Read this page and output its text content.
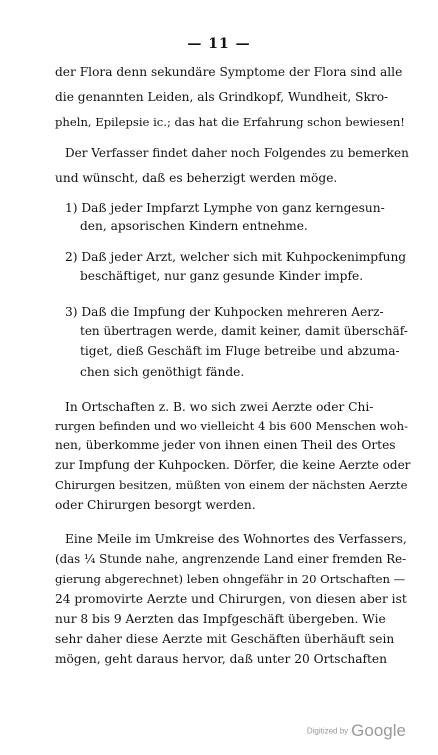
— 11 —
der Flora denn sekundäre Symptome der Flora sind alle
die genannten Leiden, als Grindkopf, Wundheit, Skro-
pheln, Epilepsie ic.; das hat die Erfahrung schon bewiesen!
Der Verfasser findet daher noch Folgendes zu bemerken
und wünscht, daß es beherzigt werden möge.
1) Daß jeder Impfarzt Lymphe von ganz kerngesun-
den, apsorischen Kindern entnehme.
2) Daß jeder Arzt, welcher sich mit Kuhpockenimpfung
beschäftiget, nur ganz gesunde Kinder impfe.
3) Daß die Impfung der Kuhpocken mehreren Aerz-
ten übertragen werde, damit keiner, damit überschäf-
tiget, dieß Geschäft im Fluge betreibe und abzuma-
chen sich genöthigt fände.
In Ortschaften z. B. wo sich zwei Aerzte oder Chi-
rurgen befinden und wo vielleicht 4 bis 600 Menschen woh-
nen, überkomme jeder von ihnen einen Theil des Ortes
zur Impfung der Kuhpocken. Dörfer, die keine Aerzte oder
Chirurgen besitzen, müßten von einem der nächsten Aerzte
oder Chirurgen besorgt werden.
Eine Meile im Umkreise des Wohnortes des Verfassers,
(das ¼ Stunde nahe, angrenzende Land einer fremden Re-
gierung abgerechnet) leben ohngefähr in 20 Ortschaften —
24 promovirte Aerzte und Chirurgen, von diesen aber ist
nur 8 bis 9 Aerzten das Impfgeschäft übergeben. Wie
sehr daher diese Aerzte mit Geschäften überhäuft sein
mögen, geht daraus hervor, daß unter 20 Ortschaften
Digitized by Google
